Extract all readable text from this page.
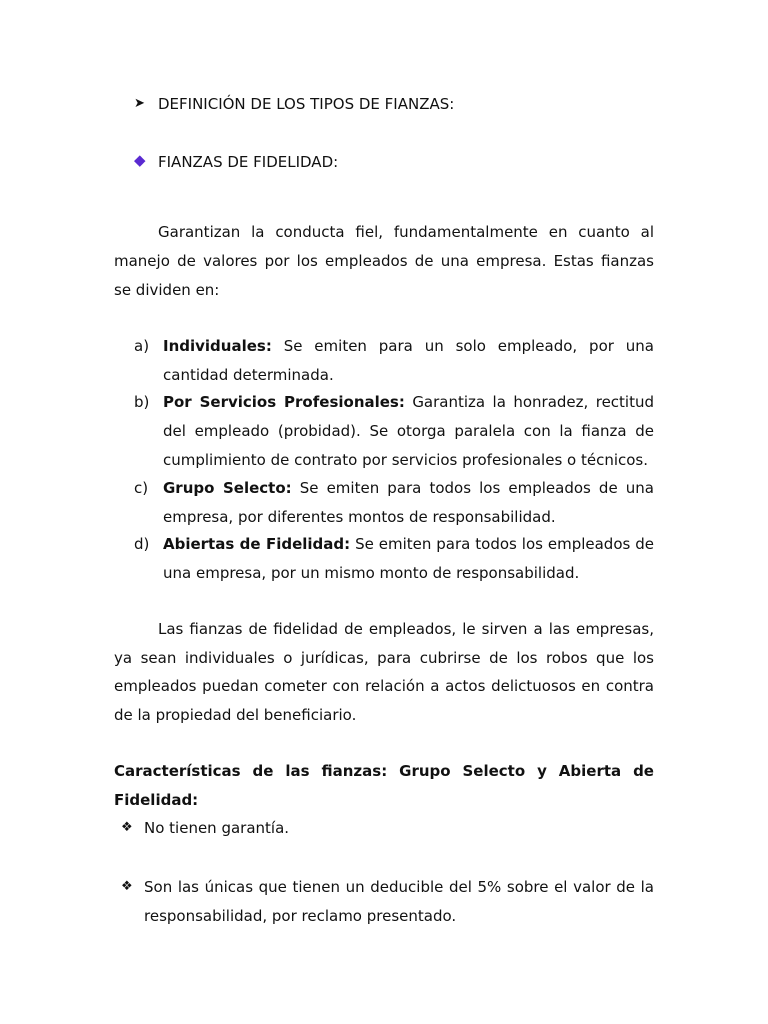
➤ DEFINICIÓN DE LOS TIPOS DE FIANZAS:
◆ FIANZAS DE FIDELIDAD:
Garantizan la conducta fiel, fundamentalmente en cuanto al
manejo de valores por los empleados de una empresa. Estas fianzas
se dividen en:
a) Individuales: Se emiten para un solo empleado, por una
cantidad determinada.
b) Por Servicios Profesionales: Garantiza la honradez, rectitud
del empleado (probidad). Se otorga paralela con la fianza de
cumplimiento de contrato por servicios profesionales o técnicos.
c) Grupo Selecto: Se emiten para todos los empleados de una
empresa, por diferentes montos de responsabilidad.
d) Abiertas de Fidelidad: Se emiten para todos los empleados de
una empresa, por un mismo monto de responsabilidad.
Las fianzas de fidelidad de empleados, le sirven a las empresas,
ya sean individuales o jurídicas, para cubrirse de los robos que los
empleados puedan cometer con relación a actos delictuosos en contra
de la propiedad del beneficiario.
Características de las fianzas: Grupo Selecto y Abierta de
Fidelidad:
❖ No tienen garantía.
❖ Son las únicas que tienen un deducible del 5% sobre el valor de la
responsabilidad, por reclamo presentado.
